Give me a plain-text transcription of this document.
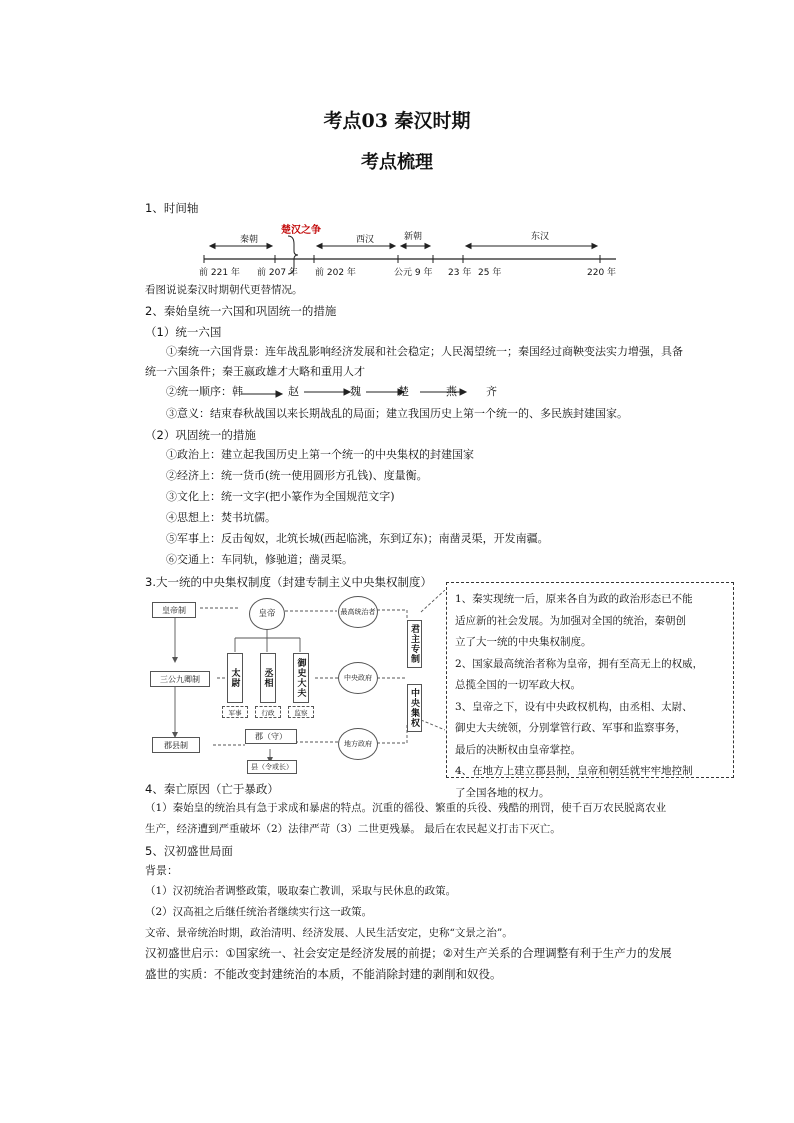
考点03 秦汉时期
考点梳理
1、时间轴
楚汉之争
秦朝	西汉	新朝	东汉
前 221 年 前 207 年 前 202 年	公元 9 年 23 年 25 年	220 年
看图说说秦汉时期朝代更替情况。
2、秦始皇统一六国和巩固统一的措施
（1）统一六国
①秦统一六国背景：连年战乱影响经济发展和社会稳定；人民渴望统一；秦国经过商鞅变法实力增强，具备
统一六国条件；秦王嬴政雄才大略和重用人才
②统一顺序：韩	赵	魏	楚	燕	齐
③意义：结束春秋战国以来长期战乱的局面；建立我国历史上第一个统一的、多民族封建国家。
（2）巩固统一的措施
①政治上：建立起我国历史上第一个统一的中央集权的封建国家
②经济上：统一货币(统一使用圆形方孔钱)、度量衡。
③文化上：统一文字(把小篆作为全国规范文字)
④思想上：焚书坑儒。
⑤军事上：反击匈奴，北筑长城(西起临洮，东到辽东)；南凿灵渠，开发南疆。
⑥交通上：车同轨，修驰道；凿灵渠。
3.大一统的中央集权制度（封建专制主义中央集权制度）
皇帝制
三公九卿制
郡县制
皇帝	最高统治者
太尉	丞相	御史大夫
军事	行政	监察
郡（守）
县（令或长）
中央政府
地方政府
君主专制
中央集权
1、秦实现统一后，原来各自为政的政治形态已不能
适应新的社会发展。为加强对全国的统治，秦朝创
立了大一统的中央集权制度。
2、国家最高统治者称为皇帝，拥有至高无上的权威，
总揽全国的一切军政大权。
3、皇帝之下，设有中央政权机构，由丞相、太尉、
御史大夫统领，分别掌管行政、军事和监察事务，
最后的决断权由皇帝掌控。
4、在地方上建立郡县制，皇帝和朝廷就牢牢地控制
了全国各地的权力。
4、秦亡原因（亡于暴政）
（1）秦始皇的统治具有急于求成和暴虐的特点。沉重的徭役、繁重的兵役、残酷的刑罚，使千百万农民脱离农业
生产，经济遭到严重破坏（2）法律严苛（3）二世更残暴。 最后在农民起义打击下灭亡。
5、汉初盛世局面
背景：
（1）汉初统治者调整政策，吸取秦亡教训，采取与民休息的政策。
（2）汉高祖之后继任统治者继续实行这一政策。
文帝、景帝统治时期，政治清明、经济发展、人民生活安定，史称“文景之治”。
汉初盛世启示：①国家统一、社会安定是经济发展的前提；②对生产关系的合理调整有利于生产力的发展
盛世的实质：不能改变封建统治的本质，不能消除封建的剥削和奴役。
